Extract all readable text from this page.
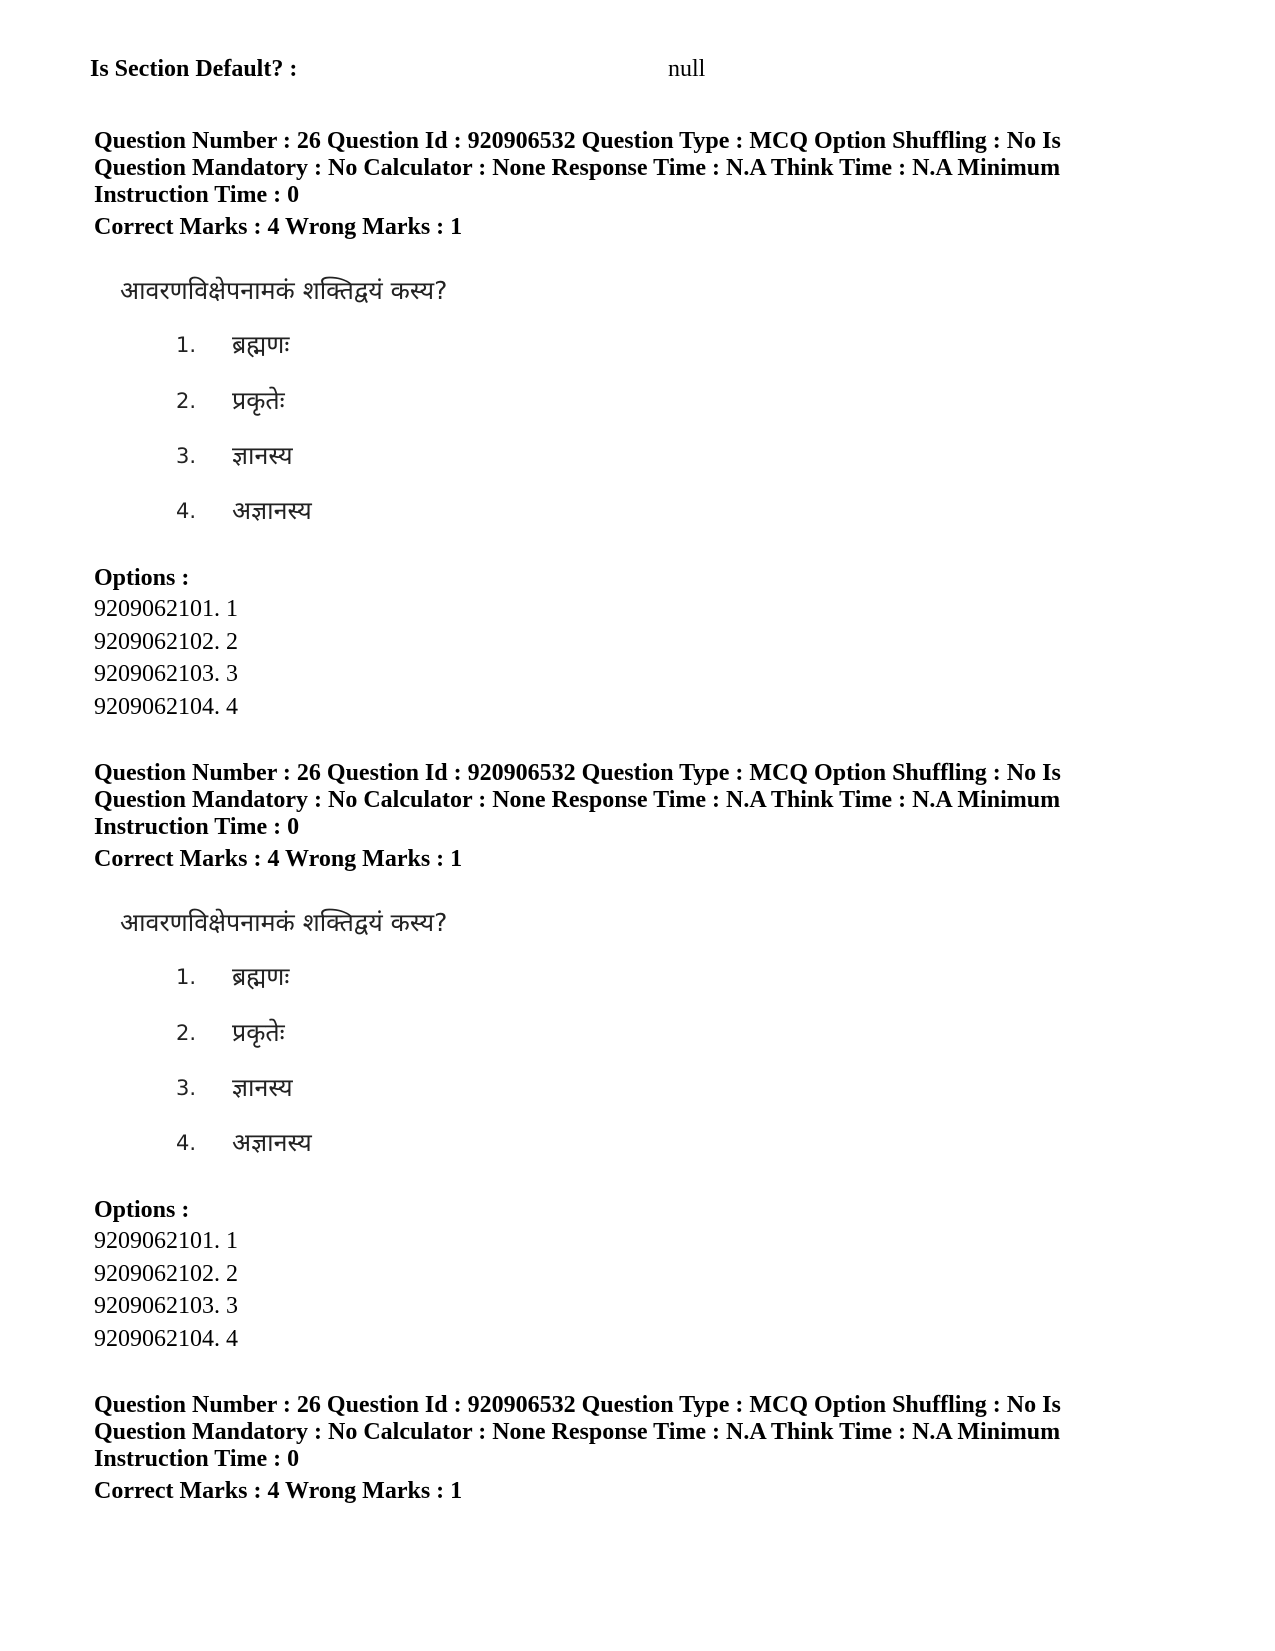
Is Section Default? :	null
Question Number : 26 Question Id : 920906532 Question Type : MCQ Option Shuffling : No Is
Question Mandatory : No Calculator : None Response Time : N.A Think Time : N.A Minimum
Instruction Time : 0
Correct Marks : 4 Wrong Marks : 1
आवरणविक्षेपनामकं शक्तिद्वयं कस्य?
1. ब्रह्मणः
2. प्रकृतेः
3. ज्ञानस्य
4. अज्ञानस्य
Options :
9209062101. 1
9209062102. 2
9209062103. 3
9209062104. 4
Question Number : 26 Question Id : 920906532 Question Type : MCQ Option Shuffling : No Is
Question Mandatory : No Calculator : None Response Time : N.A Think Time : N.A Minimum
Instruction Time : 0
Correct Marks : 4 Wrong Marks : 1
आवरणविक्षेपनामकं शक्तिद्वयं कस्य?
1. ब्रह्मणः
2. प्रकृतेः
3. ज्ञानस्य
4. अज्ञानस्य
Options :
9209062101. 1
9209062102. 2
9209062103. 3
9209062104. 4
Question Number : 26 Question Id : 920906532 Question Type : MCQ Option Shuffling : No Is
Question Mandatory : No Calculator : None Response Time : N.A Think Time : N.A Minimum
Instruction Time : 0
Correct Marks : 4 Wrong Marks : 1
